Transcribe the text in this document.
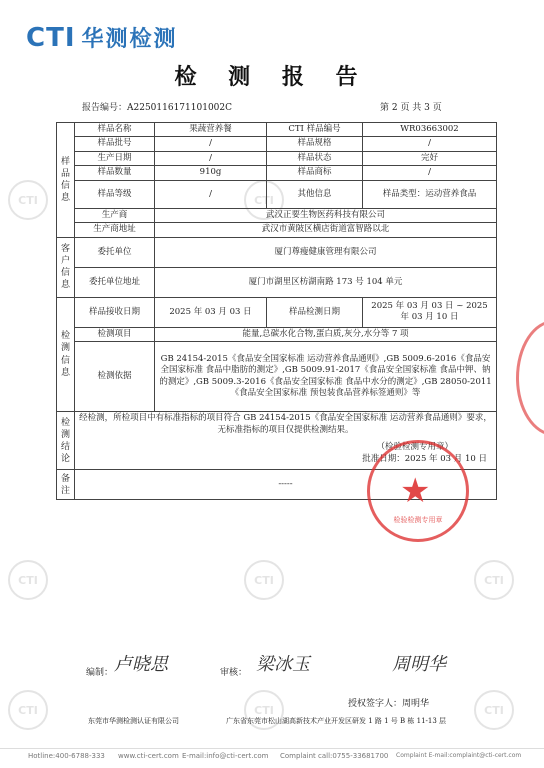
CTI	CTI
CTI	CTI	CTI
CTI	CTI	CTI
CTI 华测检测
检 测 报 告
报告编号：A2250116171101002C	第 2 页 共 3 页
样品信息	样品名称	果蔬营养餐	CTI 样品编号	WR03663002
	样品批号	/	样品规格	/
	生产日期	/	样品状态	完好
	样品数量	910g	样品商标	/
	样品等级	/	其他信息	样品类型：运动营养食品
	生产商	武汉正要生物医药科技有限公司		
	生产商地址	武汉市黄陂区横店街道富智路以北		
客户信息	委托单位	厦门尊瘦健康管理有限公司		
	委托单位地址	厦门市湖里区枋湖南路 173 号 104 单元		
检测信息	样品接收日期	2025 年 03 月 03 日	样品检测日期	2025 年 03 月 03 日 ~ 2025 年 03 月 10 日
	检测项目	能量,总碳水化合物,蛋白质,灰分,水分等 7 项		
	检测依据	GB 24154-2015《食品安全国家标准 运动营养食品通则》,GB 5009.6-2016《食品安全国家标准 食品中脂肪的测定》,GB 5009.91-2017《食品安全国家标准 食品中钾、钠的测定》,GB 5009.3-2016《食品安全国家标准 食品中水分的测定》,GB 28050-2011《食品安全国家标准 预包装食品营养标签通则》等		
检测结论	经检测，所检项目中有标准指标的项目符合 GB 24154-2015《食品安全国家标准 运动营养食品通则》要求，无标准指标的项目仅提供检测结果。
（检验检测专用章）
批准日期：2025 年 03 月 10 日			

备注	-----				★
检验检测专用章
编制： 卢晓思	审核： 梁冰玉	周明华
授权签字人：周明华
东莞市华测检测认证有限公司	广东省东莞市松山湖高新技术产业开发区研发 1 路 1 号 B 栋 11-13 层
Hotline:400-6788-333 www.cti-cert.com E-mail:info@cti-cert.com Complaint call:0755-33681700 Complaint E-mail:complaint@cti-cert.com
